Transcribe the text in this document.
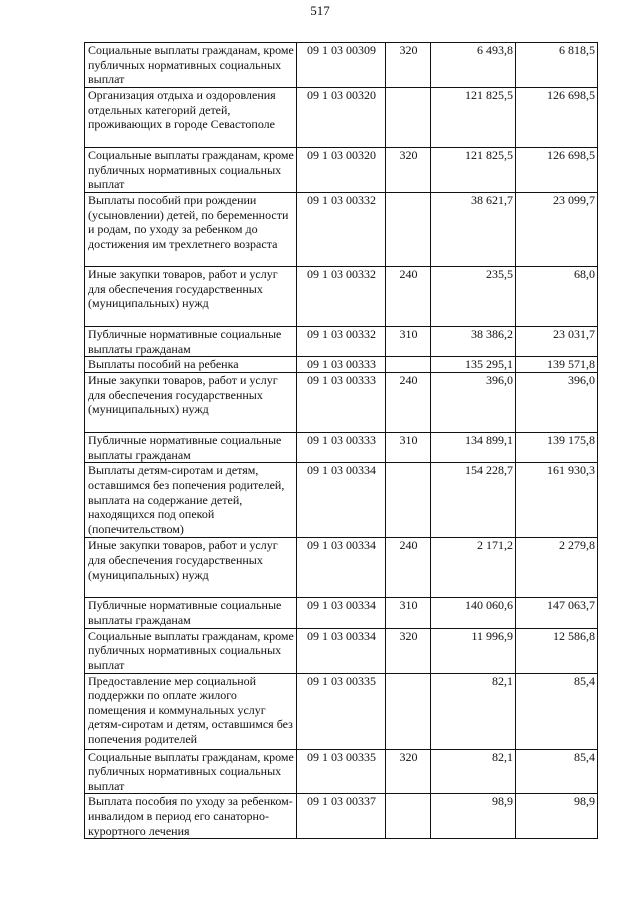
517
Социальные выплаты гражданам, кроме публичных нормативных социальных выплат	09 1 03 00309	320	6 493,8	6 818,5
Организация отдыха и оздоровления отдельных категорий детей, проживающих в городе Севастополе	09 1 03 00320		121 825,5	126 698,5
Социальные выплаты гражданам, кроме публичных нормативных социальных выплат	09 1 03 00320	320	121 825,5	126 698,5
Выплаты пособий при рождении (усыновлении) детей, по беременности и родам, по уходу за ребенком до достижения им трехлетнего возраста	09 1 03 00332		38 621,7	23 099,7
Иные закупки товаров, работ и услуг для обеспечения государственных (муниципальных) нужд	09 1 03 00332	240	235,5	68,0
Публичные нормативные социальные выплаты гражданам	09 1 03 00332	310	38 386,2	23 031,7
Выплаты пособий на ребенка	09 1 03 00333		135 295,1	139 571,8
Иные закупки товаров, работ и услуг для обеспечения государственных (муниципальных) нужд	09 1 03 00333	240	396,0	396,0
Публичные нормативные социальные выплаты гражданам	09 1 03 00333	310	134 899,1	139 175,8
Выплаты детям-сиротам и детям, оставшимся без попечения родителей, выплата на содержание детей, находящихся под опекой (попечительством)	09 1 03 00334		154 228,7	161 930,3
Иные закупки товаров, работ и услуг для обеспечения государственных (муниципальных) нужд	09 1 03 00334	240	2 171,2	2 279,8
Публичные нормативные социальные выплаты гражданам	09 1 03 00334	310	140 060,6	147 063,7
Социальные выплаты гражданам, кроме публичных нормативных социальных выплат	09 1 03 00334	320	11 996,9	12 586,8
Предоставление мер социальной поддержки по оплате жилого помещения и коммунальных услуг детям-сиротам и детям, оставшимся без попечения родителей	09 1 03 00335		82,1	85,4
Социальные выплаты гражданам, кроме публичных нормативных социальных выплат	09 1 03 00335	320	82,1	85,4
Выплата пособия по уходу за ребенком-инвалидом в период его санаторно-курортного лечения	09 1 03 00337		98,9	98,9
